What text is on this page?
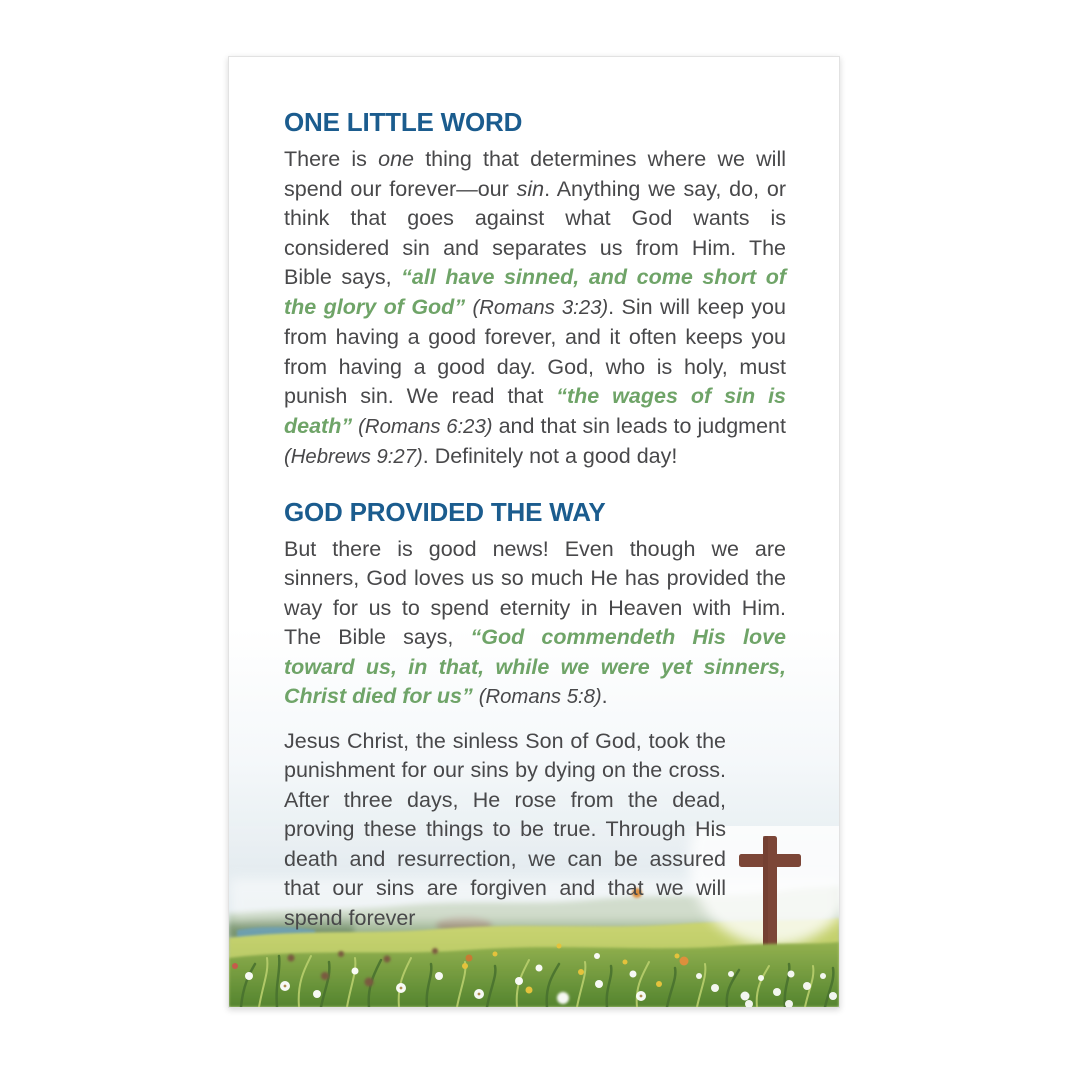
ONE LITTLE WORD

There is one thing that determines where we will spend our forever—our sin. Anything we say, do, or think that goes against what God wants is considered sin and separates us from Him. The Bible says, “all have sinned, and come short of the glory of God” (Romans 3:23). Sin will keep you from having a good forever, and it often keeps you from having a good day. God, who is holy, must punish sin. We read that “the wages of sin is death” (Romans 6:23) and that sin leads to judgment (Hebrews 9:27). Definitely not a good day!

GOD PROVIDED THE WAY

But there is good news! Even though we are sinners, God loves us so much He has provided the way for us to spend eternity in Heaven with Him. The Bible says, “God commendeth His love toward us, in that, while we were yet sinners, Christ died for us” (Romans 5:8).

Jesus Christ, the sinless Son of God, took the punishment for our sins by dying on the cross. After three days, He rose from the dead, proving these things to be true. Through His death and resurrection, we can be assured that our sins are forgiven and that we will spend forever
